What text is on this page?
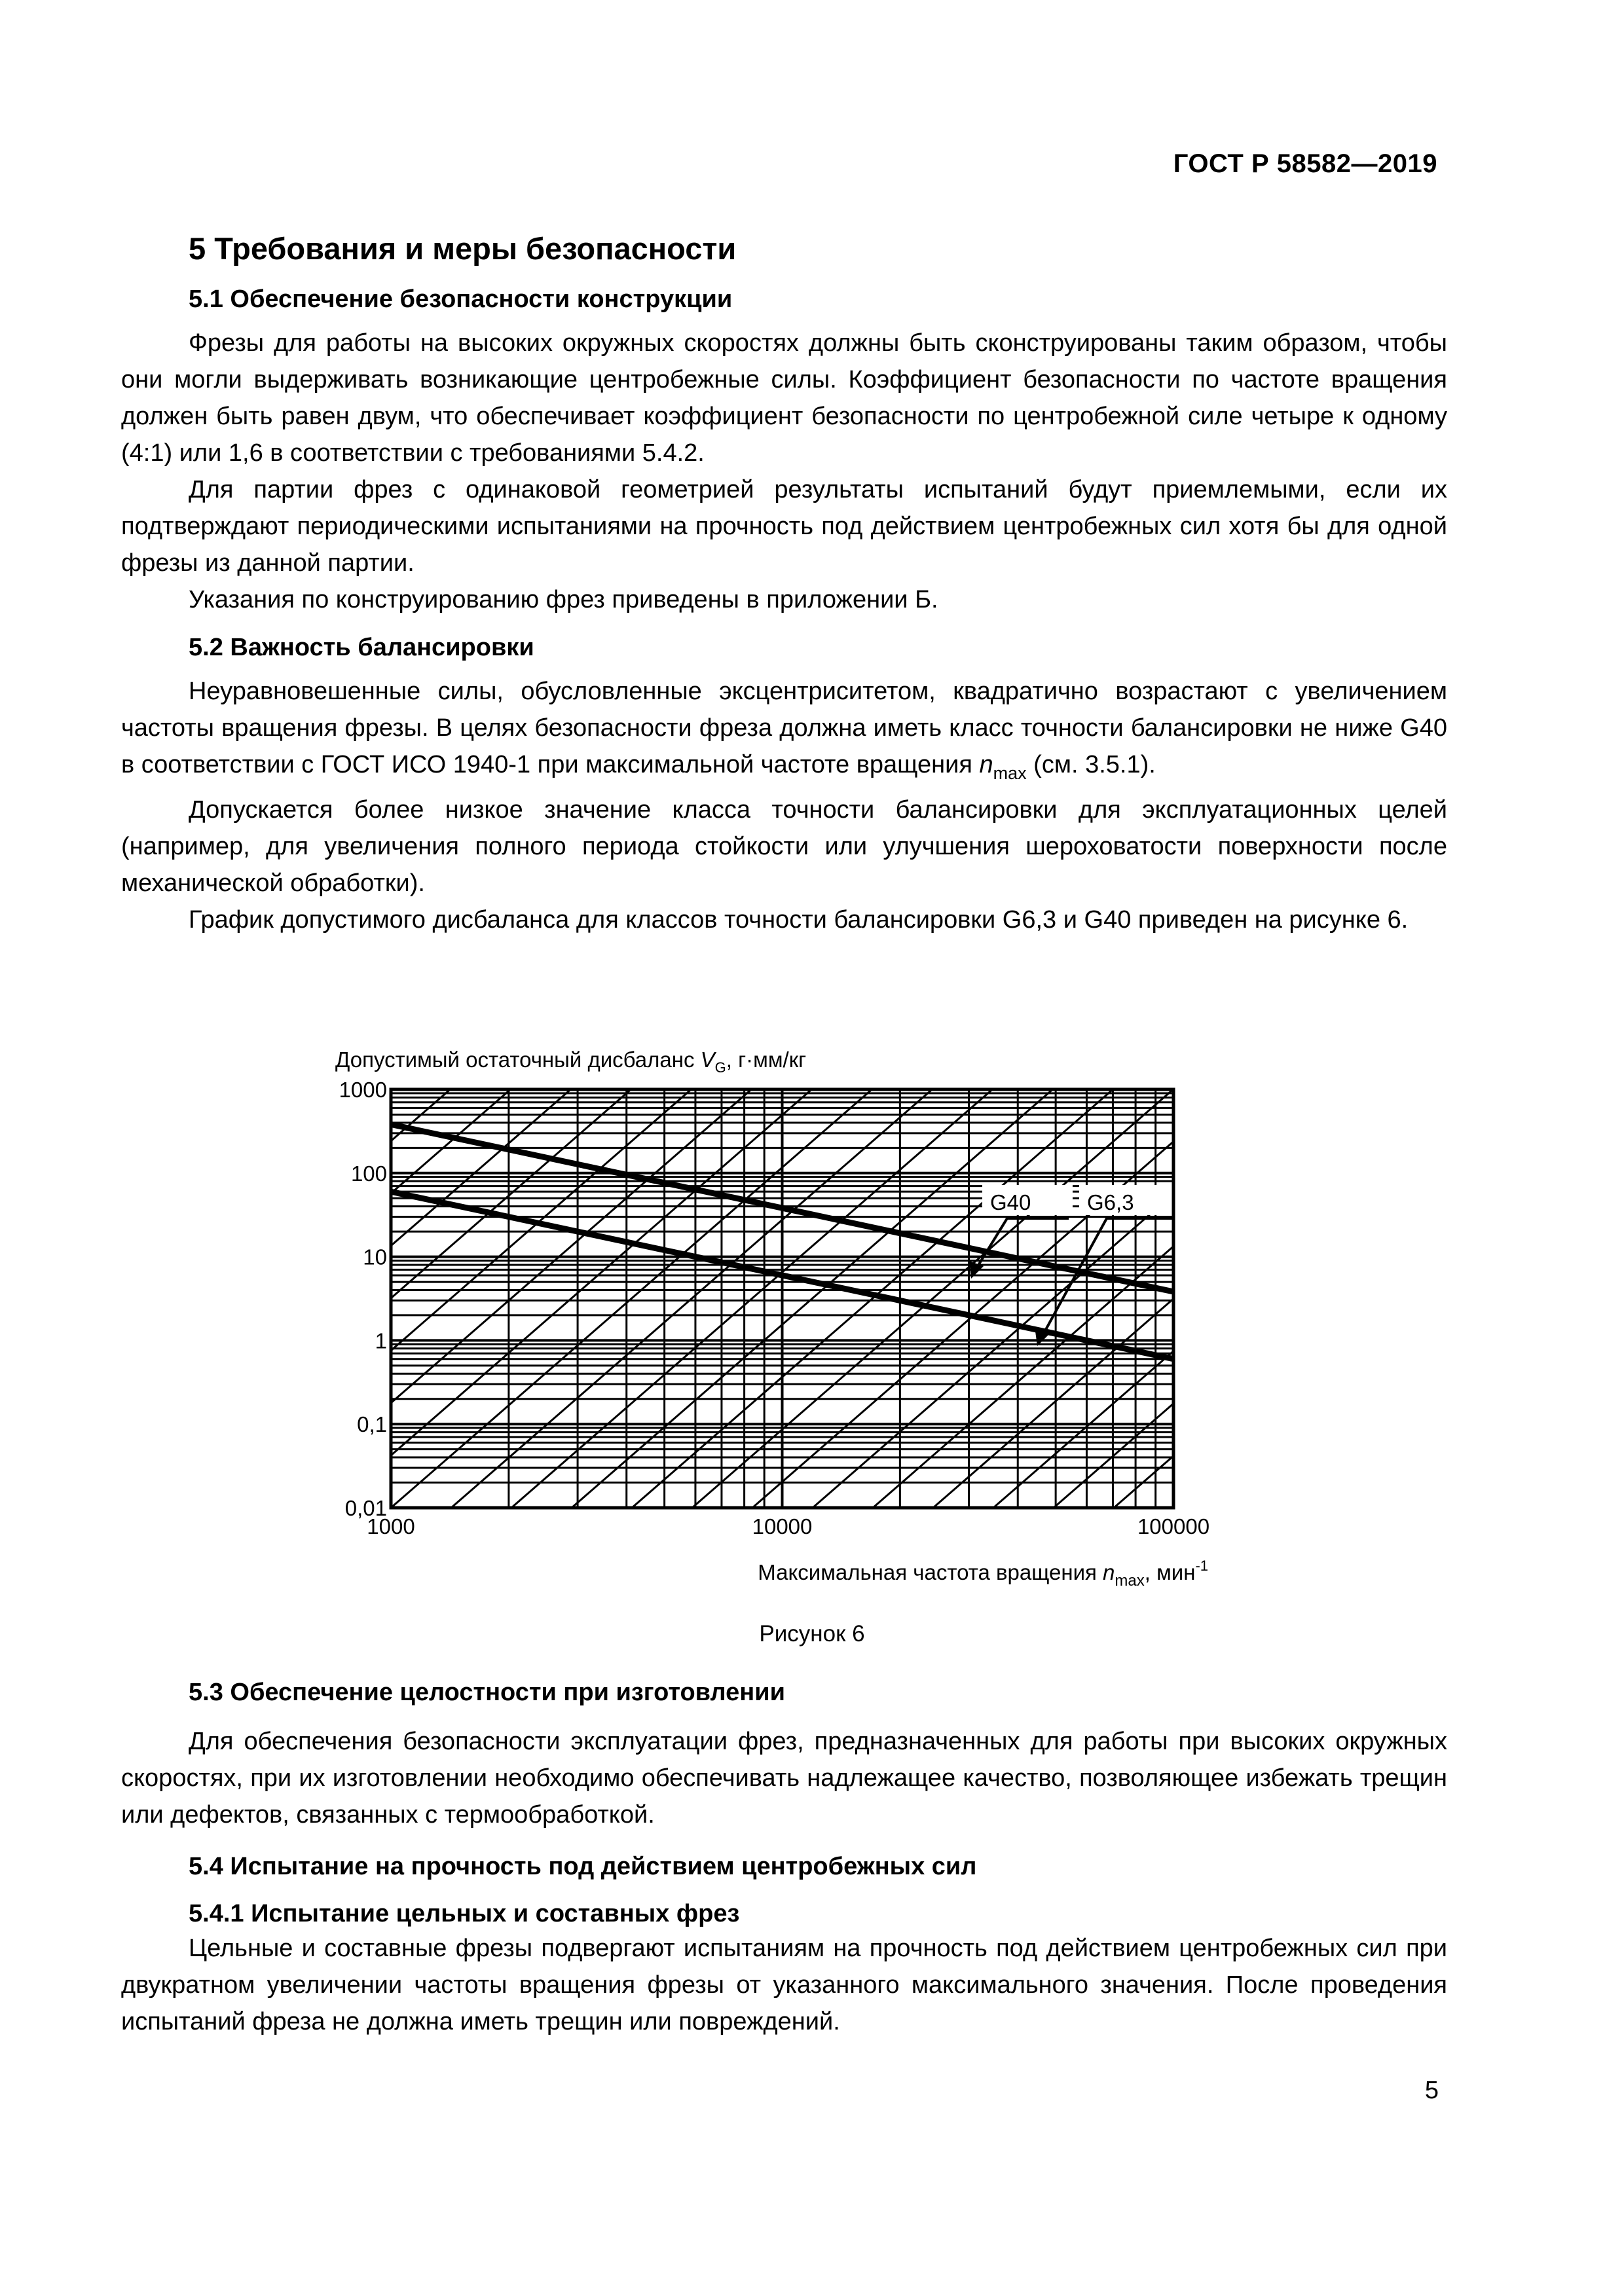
ГОСТ Р 58582—2019
5 Требования и меры безопасности
5.1 Обеспечение безопасности конструкции

Фрезы для работы на высоких окружных скоростях должны быть сконструированы таким образом, чтобы они могли выдерживать возникающие центробежные силы. Коэффициент безопасности по частоте вращения должен быть равен двум, что обеспечивает коэффициент безопасности по центробежной силе четыре к одному (4:1) или 1,6 в соответствии с требованиями 5.4.2.

Для партии фрез с одинаковой геометрией результаты испытаний будут приемлемыми, если их подтверждают периодическими испытаниями на прочность под действием центробежных сил хотя бы для одной фрезы из данной партии.

Указания по конструированию фрез приведены в приложении Б.

5.2 Важность балансировки

Неуравновешенные силы, обусловленные эксцентриситетом, квадратично возрастают с увеличением частоты вращения фрезы. В целях безопасности фреза должна иметь класс точности балансировки не ниже G40 в соответствии с ГОСТ ИСО 1940-1 при максимальной частоте вращения $n_{max}$ (см. 3.5.1).

Допускается более низкое значение класса точности балансировки для эксплуатационных целей (например, для увеличения полного периода стойкости или улучшения шероховатости поверхности после механической обработки).

График допустимого дисбаланса для классов точности балансировки G6,3 и G40 приведен на рисунке 6.

Допустимый остаточный дисбаланс $V_G$, г·мм/кг
G40	G6,3
1000
100
10
1
0,1
0,01
1000	10000	100000
Максимальная частота вращения $n_{max}$, мин$^{-1}$
Рисунок 6
5.3 Обеспечение целостности при изготовлении

Для обеспечения безопасности эксплуатации фрез, предназначенных для работы при высоких окружных скоростях, при их изготовлении необходимо обеспечивать надлежащее качество, позволяющее избежать трещин или дефектов, связанных с термообработкой.

5.4 Испытание на прочность под действием центробежных сил
5.4.1 Испытание цельных и составных фрез

Цельные и составные фрезы подвергают испытаниям на прочность под действием центробежных сил при двукратном увеличении частоты вращения фрезы от указанного максимального значения. После проведения испытаний фреза не должна иметь трещин или повреждений.

5
